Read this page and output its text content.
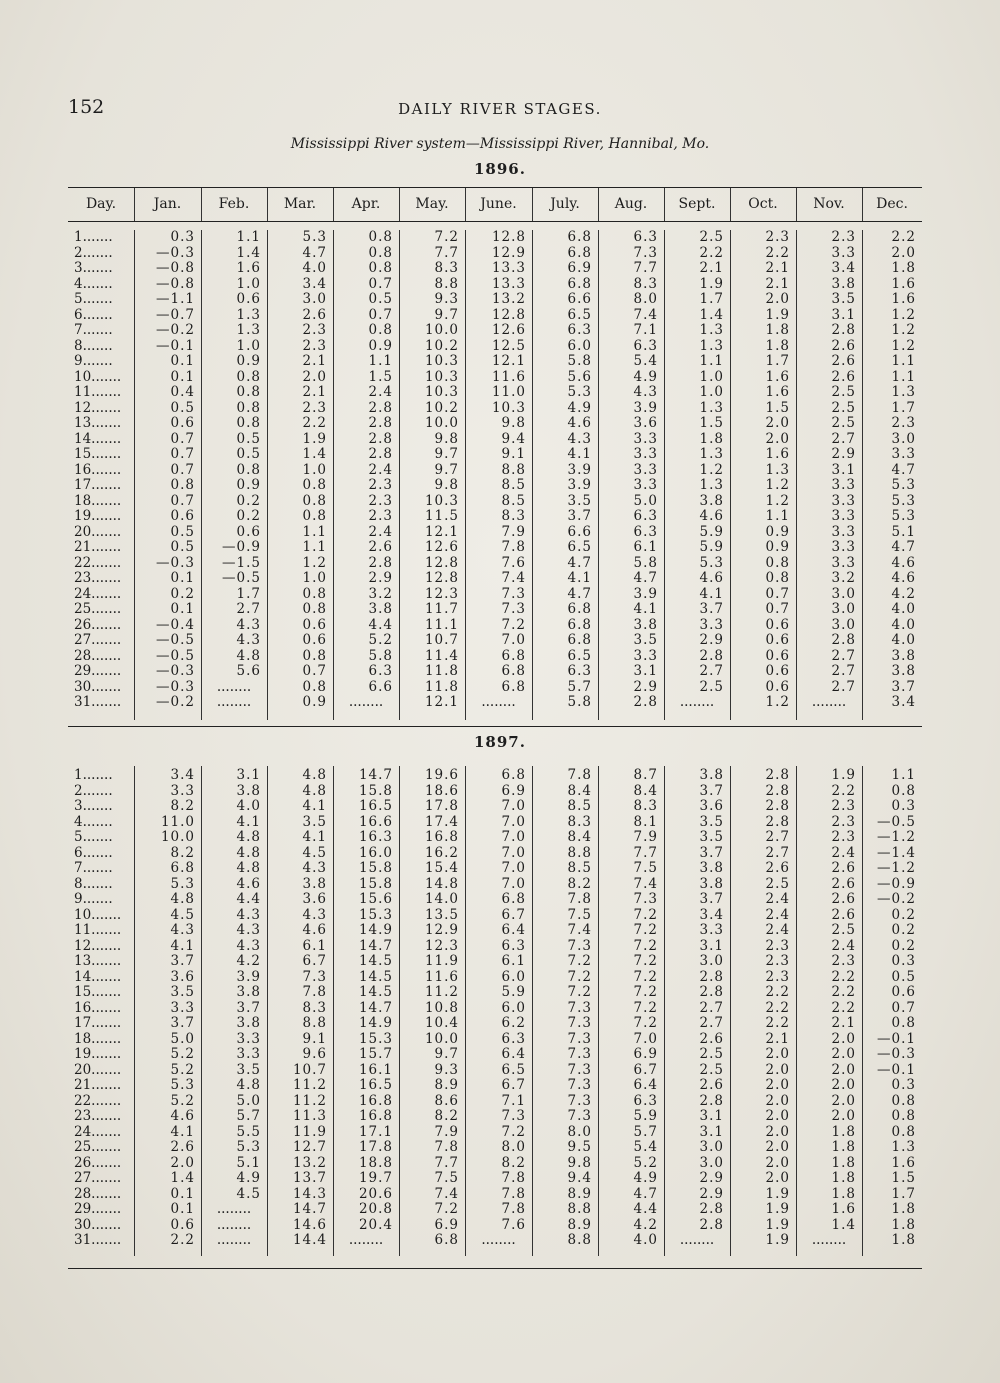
152	DAILY RIVER STAGES.
Mississippi River system—Mississippi River, Hannibal, Mo.
1896.
Day.	Jan.	Feb.	Mar.	Apr.	May.	June.	July.	Aug.	Sept.	Oct.	Nov.	Dec.
1897.
1.......	0.3	1.1	5.3	0.8	7.2	12.8	6.8	6.3	2.5	2.3	2.3	2.2
2.......	—0.3	1.4	4.7	0.8	7.7	12.9	6.8	7.3	2.2	2.2	3.3	2.0
3.......	—0.8	1.6	4.0	0.8	8.3	13.3	6.9	7.7	2.1	2.1	3.4	1.8
4.......	—0.8	1.0	3.4	0.7	8.8	13.3	6.8	8.3	1.9	2.1	3.8	1.6
5.......	—1.1	0.6	3.0	0.5	9.3	13.2	6.6	8.0	1.7	2.0	3.5	1.6
6.......	—0.7	1.3	2.6	0.7	9.7	12.8	6.5	7.4	1.4	1.9	3.1	1.2
7.......	—0.2	1.3	2.3	0.8	10.0	12.6	6.3	7.1	1.3	1.8	2.8	1.2
8.......	—0.1	1.0	2.3	0.9	10.2	12.5	6.0	6.3	1.3	1.8	2.6	1.2
9.......	0.1	0.9	2.1	1.1	10.3	12.1	5.8	5.4	1.1	1.7	2.6	1.1
10.......	0.1	0.8	2.0	1.5	10.3	11.6	5.6	4.9	1.0	1.6	2.6	1.1
11.......	0.4	0.8	2.1	2.4	10.3	11.0	5.3	4.3	1.0	1.6	2.5	1.3
12.......	0.5	0.8	2.3	2.8	10.2	10.3	4.9	3.9	1.3	1.5	2.5	1.7
13.......	0.6	0.8	2.2	2.8	10.0	9.8	4.6	3.6	1.5	2.0	2.5	2.3
14.......	0.7	0.5	1.9	2.8	9.8	9.4	4.3	3.3	1.8	2.0	2.7	3.0
15.......	0.7	0.5	1.4	2.8	9.7	9.1	4.1	3.3	1.3	1.6	2.9	3.3
16.......	0.7	0.8	1.0	2.4	9.7	8.8	3.9	3.3	1.2	1.3	3.1	4.7
17.......	0.8	0.9	0.8	2.3	9.8	8.5	3.9	3.3	1.3	1.2	3.3	5.3
18.......	0.7	0.2	0.8	2.3	10.3	8.5	3.5	5.0	3.8	1.2	3.3	5.3
19.......	0.6	0.2	0.8	2.3	11.5	8.3	3.7	6.3	4.6	1.1	3.3	5.3
20.......	0.5	0.6	1.1	2.4	12.1	7.9	6.6	6.3	5.9	0.9	3.3	5.1
21.......	0.5	—0.9	1.1	2.6	12.6	7.8	6.5	6.1	5.9	0.9	3.3	4.7
22.......	—0.3	—1.5	1.2	2.8	12.8	7.6	4.7	5.8	5.3	0.8	3.3	4.6
23.......	0.1	—0.5	1.0	2.9	12.8	7.4	4.1	4.7	4.6	0.8	3.2	4.6
24.......	0.2	1.7	0.8	3.2	12.3	7.3	4.7	3.9	4.1	0.7	3.0	4.2
25.......	0.1	2.7	0.8	3.8	11.7	7.3	6.8	4.1	3.7	0.7	3.0	4.0
26.......	—0.4	4.3	0.6	4.4	11.1	7.2	6.8	3.8	3.3	0.6	3.0	4.0
27.......	—0.5	4.3	0.6	5.2	10.7	7.0	6.8	3.5	2.9	0.6	2.8	4.0
28.......	—0.5	4.8	0.8	5.8	11.4	6.8	6.5	3.3	2.8	0.6	2.7	3.8
29.......	—0.3	5.6	0.7	6.3	11.8	6.8	6.3	3.1	2.7	0.6	2.7	3.8
30.......	—0.3	........	0.8	6.6	11.8	6.8	5.7	2.9	2.5	0.6	2.7	3.7
31.......	—0.2	........	0.9	........	12.1	........	5.8	2.8	........	1.2	........	3.4
1.......	3.4	3.1	4.8	14.7	19.6	6.8	7.8	8.7	3.8	2.8	1.9	1.1
2.......	3.3	3.8	4.8	15.8	18.6	6.9	8.4	8.4	3.7	2.8	2.2	0.8
3.......	8.2	4.0	4.1	16.5	17.8	7.0	8.5	8.3	3.6	2.8	2.3	0.3
4.......	11.0	4.1	3.5	16.6	17.4	7.0	8.3	8.1	3.5	2.8	2.3	—0.5
5.......	10.0	4.8	4.1	16.3	16.8	7.0	8.4	7.9	3.5	2.7	2.3	—1.2
6.......	8.2	4.8	4.5	16.0	16.2	7.0	8.8	7.7	3.7	2.7	2.4	—1.4
7.......	6.8	4.8	4.3	15.8	15.4	7.0	8.5	7.5	3.8	2.6	2.6	—1.2
8.......	5.3	4.6	3.8	15.8	14.8	7.0	8.2	7.4	3.8	2.5	2.6	—0.9
9.......	4.8	4.4	3.6	15.6	14.0	6.8	7.8	7.3	3.7	2.4	2.6	—0.2
10.......	4.5	4.3	4.3	15.3	13.5	6.7	7.5	7.2	3.4	2.4	2.6	0.2
11.......	4.3	4.3	4.6	14.9	12.9	6.4	7.4	7.2	3.3	2.4	2.5	0.2
12.......	4.1	4.3	6.1	14.7	12.3	6.3	7.3	7.2	3.1	2.3	2.4	0.2
13.......	3.7	4.2	6.7	14.5	11.9	6.1	7.2	7.2	3.0	2.3	2.3	0.3
14.......	3.6	3.9	7.3	14.5	11.6	6.0	7.2	7.2	2.8	2.3	2.2	0.5
15.......	3.5	3.8	7.8	14.5	11.2	5.9	7.2	7.2	2.8	2.2	2.2	0.6
16.......	3.3	3.7	8.3	14.7	10.8	6.0	7.3	7.2	2.7	2.2	2.2	0.7
17.......	3.7	3.8	8.8	14.9	10.4	6.2	7.3	7.2	2.7	2.2	2.1	0.8
18.......	5.0	3.3	9.1	15.3	10.0	6.3	7.3	7.0	2.6	2.1	2.0	—0.1
19.......	5.2	3.3	9.6	15.7	9.7	6.4	7.3	6.9	2.5	2.0	2.0	—0.3
20.......	5.2	3.5	10.7	16.1	9.3	6.5	7.3	6.7	2.5	2.0	2.0	—0.1
21.......	5.3	4.8	11.2	16.5	8.9	6.7	7.3	6.4	2.6	2.0	2.0	0.3
22.......	5.2	5.0	11.2	16.8	8.6	7.1	7.3	6.3	2.8	2.0	2.0	0.8
23.......	4.6	5.7	11.3	16.8	8.2	7.3	7.3	5.9	3.1	2.0	2.0	0.8
24.......	4.1	5.5	11.9	17.1	7.9	7.2	8.0	5.7	3.1	2.0	1.8	0.8
25.......	2.6	5.3	12.7	17.8	7.8	8.0	9.5	5.4	3.0	2.0	1.8	1.3
26.......	2.0	5.1	13.2	18.8	7.7	8.2	9.8	5.2	3.0	2.0	1.8	1.6
27.......	1.4	4.9	13.7	19.7	7.5	7.8	9.4	4.9	2.9	2.0	1.8	1.5
28.......	0.1	4.5	14.3	20.6	7.4	7.8	8.9	4.7	2.9	1.9	1.8	1.7
29.......	0.1	........	14.7	20.8	7.2	7.8	8.8	4.4	2.8	1.9	1.6	1.8
30.......	0.6	........	14.6	20.4	6.9	7.6	8.9	4.2	2.8	1.9	1.4	1.8
31.......	2.2	........	14.4	........	6.8	........	8.8	4.0	........	1.9	........	1.8
